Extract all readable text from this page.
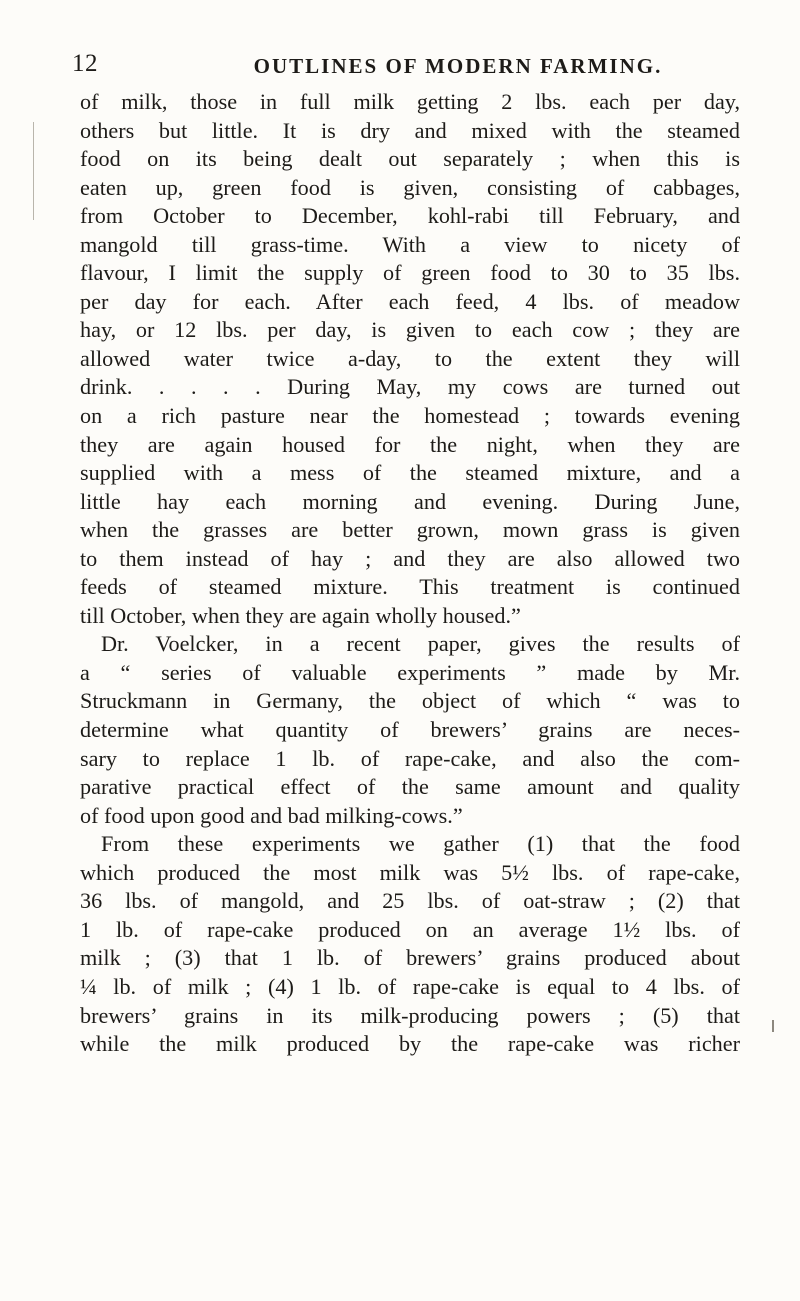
12	OUTLINES OF MODERN FARMING.
of milk, those in full milk getting 2 lbs. each per day,
others but little. It is dry and mixed with the steamed
food on its being dealt out separately ; when this is
eaten up, green food is given, consisting of cabbages,
from October to December, kohl-rabi till February, and
mangold till grass-time. With a view to nicety of
flavour, I limit the supply of green food to 30 to 35 lbs.
per day for each. After each feed, 4 lbs. of meadow
hay, or 12 lbs. per day, is given to each cow ; they are
allowed water twice a-day, to the extent they will
drink. . . . . During May, my cows are turned out
on a rich pasture near the homestead ; towards evening
they are again housed for the night, when they are
supplied with a mess of the steamed mixture, and a
little hay each morning and evening. During June,
when the grasses are better grown, mown grass is given
to them instead of hay ; and they are also allowed two
feeds of steamed mixture. This treatment is continued
till October, when they are again wholly housed.”
Dr. Voelcker, in a recent paper, gives the results of
a “ series of valuable experiments ” made by Mr.
Struckmann in Germany, the object of which “ was to
determine what quantity of brewers’ grains are neces-
sary to replace 1 lb. of rape-cake, and also the com-
parative practical effect of the same amount and quality
of food upon good and bad milking-cows.”
From these experiments we gather (1) that the food
which produced the most milk was 5½ lbs. of rape-cake,
36 lbs. of mangold, and 25 lbs. of oat-straw ; (2) that
1 lb. of rape-cake produced on an average 1½ lbs. of
milk ; (3) that 1 lb. of brewers’ grains produced about
¼ lb. of milk ; (4) 1 lb. of rape-cake is equal to 4 lbs. of
brewers’ grains in its milk-producing powers ; (5) that
while the milk produced by the rape-cake was richer
